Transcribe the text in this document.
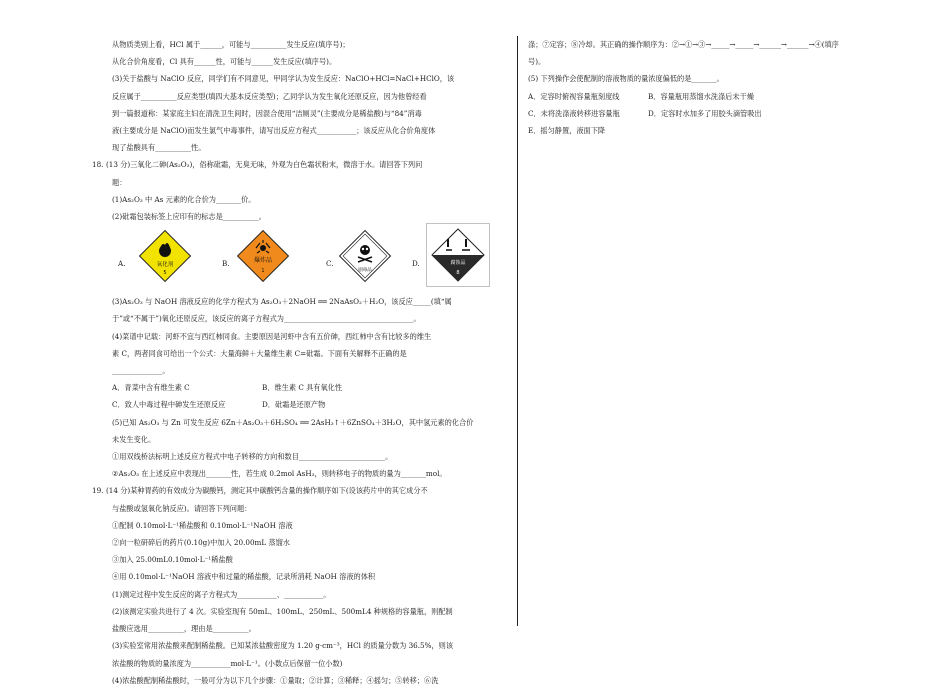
从物质类别上看，HCl 属于______，可能与__________发生反应(填序号)；
从化合价角度看，Cl 具有______性，可能与______发生反应(填序号)。
(3)关于盐酸与 NaClO 反应，同学们有不同意见，甲同学认为发生反应：NaClO+HCl=NaCl+HClO，该
反应属于__________反应类型(填四大基本反应类型)；乙同学认为发生氧化还原反应，因为他曾经看
到一篇报道称：某家庭主妇在清洗卫生间时，因混合使用“洁厕灵”(主要成分是稀盐酸)与“84”消毒
液(主要成分是 NaClO)而发生氯气中毒事件，请写出反应方程式___________；该反应从化合价角度体
现了盐酸具有__________性。
18. (13 分)三氧化二砷(As₂O₃)，俗称砒霜，无臭无味，外观为白色霜状粉末，微溶于水。请回答下列问
题：
(1)As₂O₃ 中 As 元素的化合价为_______价。
(2)砒霜包装标签上应印有的标志是__________。
A.	氧化剂
5
B.	爆炸品
1
C.
剧毒品
D.	腐蚀品
8
(3)As₂O₃ 与 NaOH 溶液反应的化学方程式为 As₂O₃＋2NaOH ══ 2NaAsO₂＋H₂O，该反应_____(填“属
于”或“不属于”)氧化还原反应，该反应的离子方程式为____________________________________。
(4)菜谱中记载：河虾不宜与西红柿同食。主要原因是河虾中含有五价砷，西红柿中含有比较多的维生
素 C，两者同食可给出一个公式：大量海鲜＋大量维生素 C=砒霜。下面有关解释不正确的是
______________。
A．青菜中含有维生素 C	B．维生素 C 具有氧化性
C．致人中毒过程中砷发生还原反应	D．砒霜是还原产物
(5)已知 As₂O₃ 与 Zn 可发生反应 6Zn＋As₂O₃＋6H₂SO₄ ══ 2AsH₃↑＋6ZnSO₄＋3H₂O，其中氢元素的化合价
未发生变化。
①用双线桥法标明上述反应方程式中电子转移的方向和数目________________________。
②As₂O₃ 在上述反应中表现出_______性，若生成 0.2mol AsH₃，则转移电子的物质的量为_______mol。
19. (14 分)某种胃药的有效成分为碳酸钙，测定其中碳酸钙含量的操作顺序如下(设该药片中的其它成分不
与盐酸或氢氧化钠反应)。请回答下列问题：
①配制 0.10mol·L⁻¹稀盐酸和 0.10mol·L⁻¹NaOH 溶液
②向一粒研碎后的药片(0.10g)中加入 20.00mL 蒸馏水
③加入 25.00mL0.10mol·L⁻¹稀盐酸
④用 0.10mol·L⁻¹NaOH 溶液中和过量的稀盐酸，记录所消耗 NaOH 溶液的体积
(1)测定过程中发生反应的离子方程式为___________、___________。
(2)该测定实验共进行了 4 次。实验室现有 50mL、100mL、250mL、500mL4 种规格的容量瓶，则配制
盐酸应选用__________，理由是__________。
(3)实验室常用浓盐酸来配制稀盐酸。已知某浓盐酸密度为 1.20 g·cm⁻³，HCl 的质量分数为 36.5%，则该
浓盐酸的物质的量浓度为___________mol·L⁻¹。(小数点后保留一位小数)
(4)浓盐酸配制稀盐酸时，一般可分为以下几个步骤：①量取；②计算；③稀释；④摇匀；⑤转移；⑥洗
涤；⑦定容；⑧冷却。其正确的操作顺序为：②→①→③→_____→_____→______→______→④(填序
号)。
(5) 下列操作会使配制的溶液物质的量浓度偏低的是_______。
A．定容时俯视容量瓶刻度线	B．容量瓶用蒸馏水洗涤后未干燥
C．未将洗涤液转移进容量瓶	D．定容时水加多了用胶头滴管吸出
E．摇匀静置，液面下降
